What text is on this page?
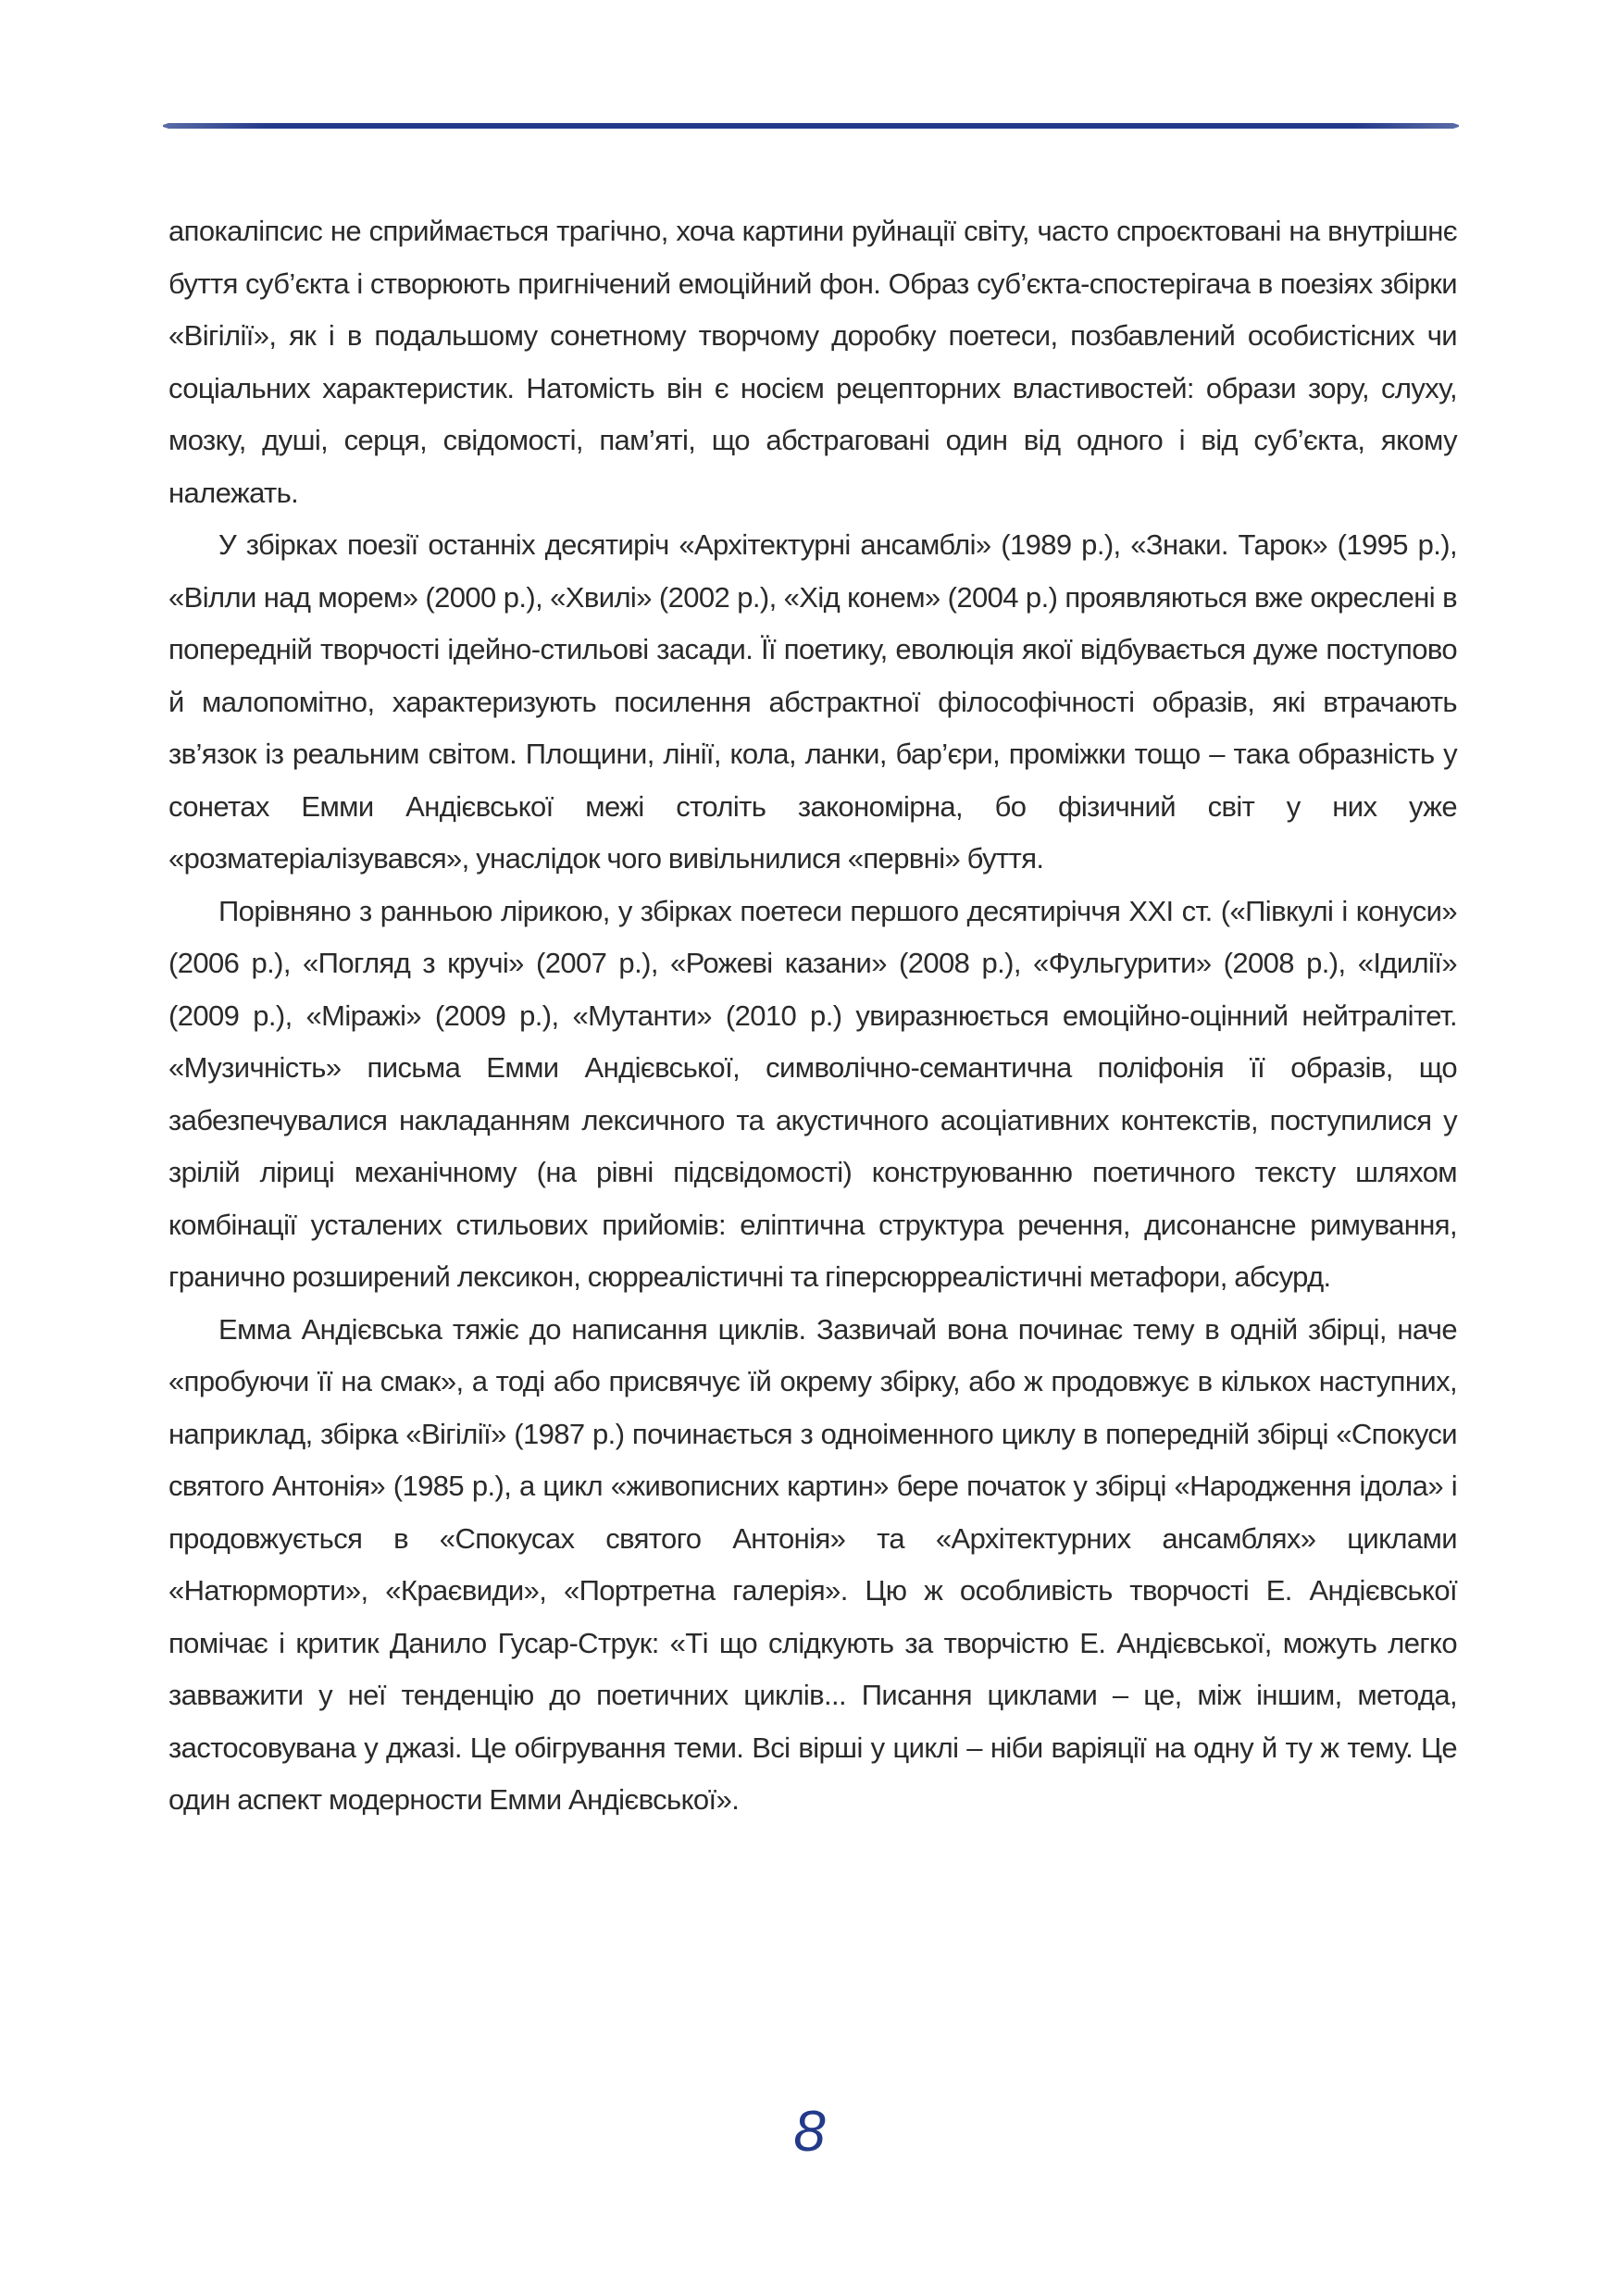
апокаліпсис не сприймається трагічно, хоча картини руйнації світу, часто спроєктовані на внутрішнє буття суб’єкта і створюють пригнічений емоційний фон. Образ суб’єкта-спостерігача в поезіях збірки «Вігілії», як і в подальшому сонетному творчому доробку поетеси, позбавлений особистісних чи соціальних характеристик. Натомість він є носієм рецепторних властивостей: образи зору, слуху, мозку, душі, серця, свідомості, пам’яті, що абстраговані один від одного і від суб’єкта, якому належать.

У збірках поезії останніх десятиріч «Архітектурні ансамблі» (1989 р.), «Знаки. Тарок» (1995 р.), «Вілли над морем» (2000 р.), «Хвилі» (2002 р.), «Хід конем» (2004 р.) проявляються вже окреслені в попередній творчості ідейно-стильові засади. Її поетику, еволюція якої відбувається дуже поступово й малопомітно, характеризують посилення абстрактної філософічності образів, які втрачають зв’язок із реальним світом. Площини, лінії, кола, ланки, бар’єри, проміжки тощо – така образність у сонетах Емми Андієвської межі століть закономірна, бо фізичний світ у них уже «розматеріалізувався», унаслідок чого вивільнилися «первні» буття.

Порівняно з ранньою лірикою, у збірках поетеси першого десятиріччя ХХІ ст. («Півкулі і конуси» (2006 р.), «Погляд з кручі» (2007 р.), «Рожеві казани» (2008 р.), «Фульгурити» (2008 р.), «Ідилії» (2009 р.), «Міражі» (2009 р.), «Мутанти» (2010 р.) увиразнюється емоційно-оцінний нейтралітет. «Музичність» письма Емми Андієвської, символічно-семантична поліфонія її образів, що забезпечувалися накладанням лексичного та акустичного асоціативних контекстів, поступилися у зрілій ліриці механічному (на рівні підсвідомості) конструюванню поетичного тексту шляхом комбінації усталених стильових прийомів: еліптична структура речення, дисонансне римування, гранично розширений лексикон, сюрреалістичні та гіперсюрреалістичні метафори, абсурд.

Емма Андієвська тяжіє до написання циклів. Зазвичай вона починає тему в одній збірці, наче «пробуючи її на смак», а тоді або присвячує їй окрему збірку, або ж продовжує в кількох наступних, наприклад, збірка «Вігілії» (1987 р.) починається з одноіменного циклу в попередній збірці «Спокуси святого Антонія» (1985 р.), а цикл «живописних картин» бере початок у збірці «Народження ідола» і продовжується в «Спокусах святого Антонія» та «Архітектурних ансамблях» циклами «Натюрморти», «Краєвиди», «Портретна галерія». Цю ж особливість творчості Е. Андієвської помічає і критик Данило Гусар-Струк: «Ті що слідкують за творчістю Е. Андієвської, можуть легко завважити у неї тенденцію до поетичних циклів... Писання циклами – це, між іншим, метода, застосовувана у джазі. Це обігрування теми. Всі вірші у циклі – ніби варіяції на одну й ту ж тему. Це один аспект модерности Емми Андієвської».

8
